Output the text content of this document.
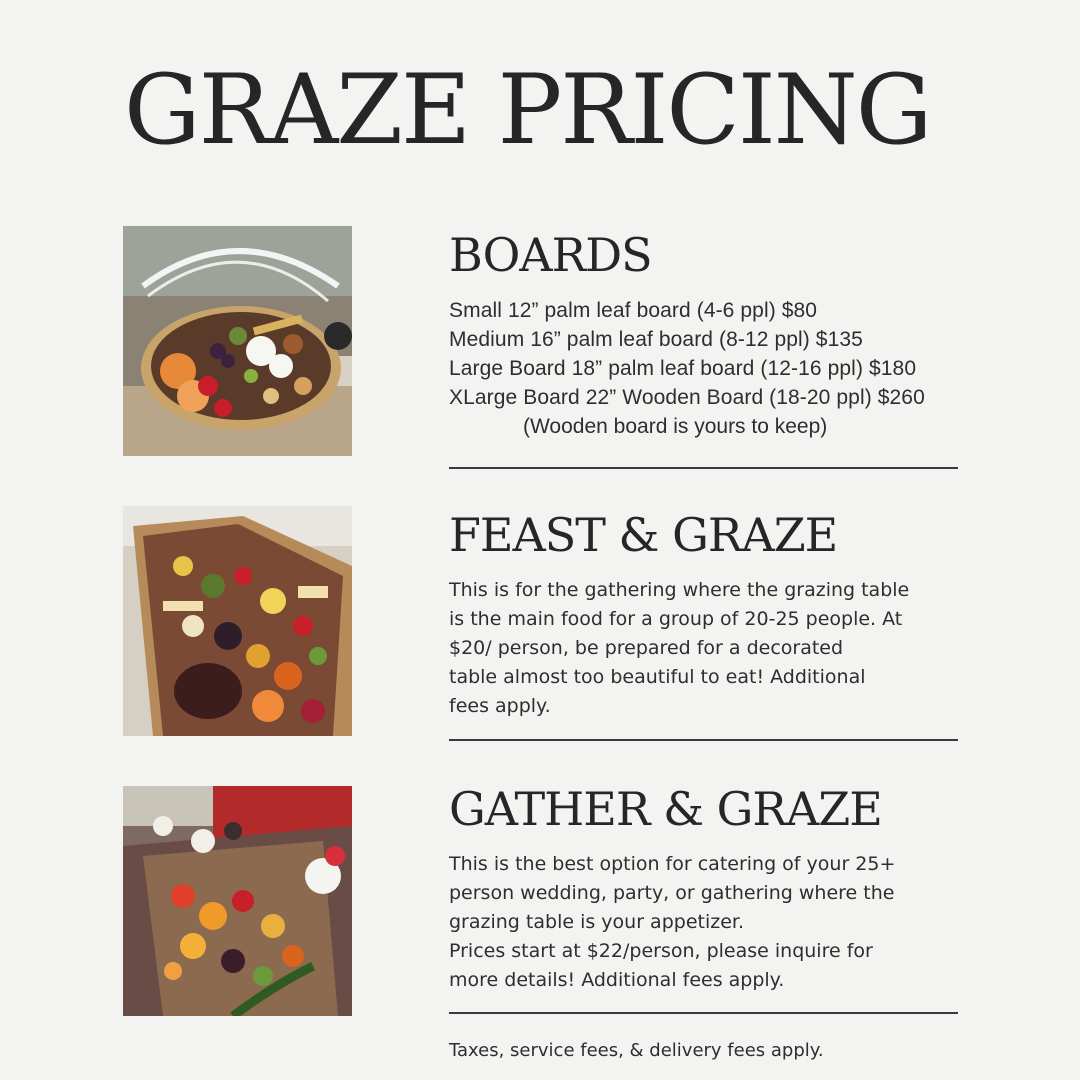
GRAZE PRICING
BOARDS
Small 12” palm leaf board (4-6 ppl) $80
Medium 16” palm leaf board (8-12 ppl) $135
Large Board 18” palm leaf board (12-16 ppl) $180
XLarge Board 22” Wooden Board (18-20 ppl) $260
(Wooden board is yours to keep)
FEAST & GRAZE
This is for the gathering where the grazing table
is the main food for a group of 20-25 people. At
$20/ person, be prepared for a decorated
table almost too beautiful to eat! Additional
fees apply.
GATHER & GRAZE
This is the best option for catering of your 25+
person wedding, party, or gathering where the
grazing table is your appetizer.
Prices start at $22/person, please inquire for
more details! Additional fees apply.
Taxes, service fees, & delivery fees apply.
